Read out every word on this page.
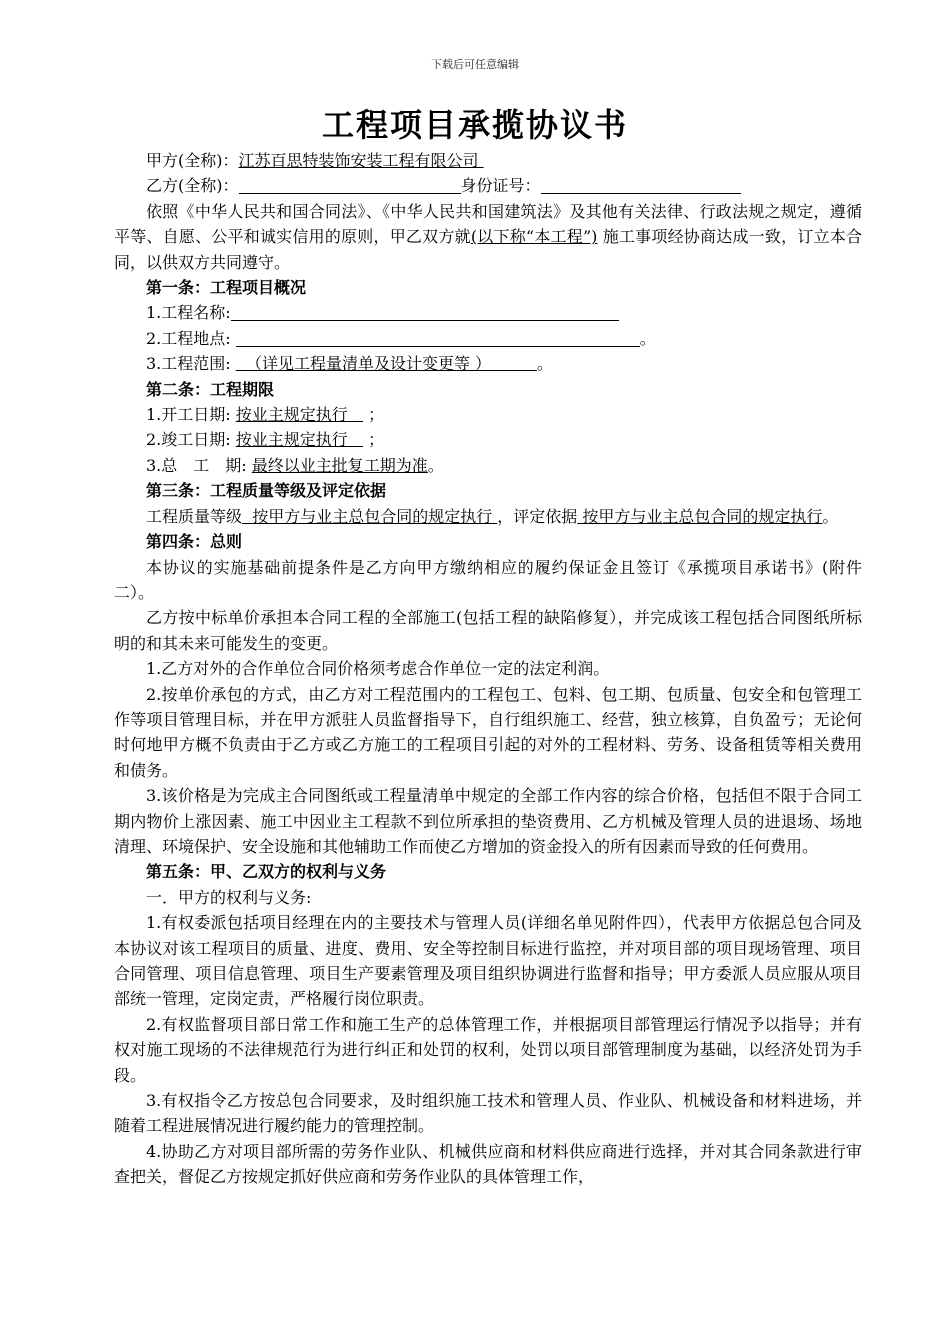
下载后可任意编辑
工程项目承揽协议书

甲方(全称)：江苏百思特装饰安装工程有限公司

乙方(全称)：	身份证号：

依照《中华人民共和国合同法》、《中华人民共和国建筑法》及其他有关法律、行政法规之规定，遵循平等、自愿、公平和诚实信用的原则，甲乙双方就(以下称“本工程”) 施工事项经协商达成一致，订立本合同，以供双方共同遵守。

第一条：工程项目概况

1.工程名称:

2.工程地点:	。

3.工程范围: （详见工程量清单及设计变更等 ）	。

第二条：工程期限

1.开工日期: 按业主规定执行 ；

2.竣工日期: 按业主规定执行 ；

3.总　工　期: 最终以业主批复工期为准。

第三条：工程质量等级及评定依据

工程质量等级 按甲方与业主总包合同的规定执行 ，评定依据 按甲方与业主总包合同的规定执行。

第四条：总则

本协议的实施基础前提条件是乙方向甲方缴纳相应的履约保证金且签订《承揽项目承诺书》(附件二）。

乙方按中标单价承担本合同工程的全部施工(包括工程的缺陷修复），并完成该工程包括合同图纸所标明的和其未来可能发生的变更。

1.乙方对外的合作单位合同价格须考虑合作单位一定的法定利润。

2.按单价承包的方式，由乙方对工程范围内的工程包工、包料、包工期、包质量、包安全和包管理工作等项目管理目标，并在甲方派驻人员监督指导下，自行组织施工、经营，独立核算，自负盈亏；无论何时何地甲方概不负责由于乙方或乙方施工的工程项目引起的对外的工程材料、劳务、设备租赁等相关费用和债务。

3.该价格是为完成主合同图纸或工程量清单中规定的全部工作内容的综合价格，包括但不限于合同工期内物价上涨因素、施工中因业主工程款不到位所承担的垫资费用、乙方机械及管理人员的进退场、场地清理、环境保护、安全设施和其他辅助工作而使乙方增加的资金投入的所有因素而导致的任何费用。

第五条：甲、乙双方的权利与义务

一．甲方的权利与义务:

1.有权委派包括项目经理在内的主要技术与管理人员(详细名单见附件四），代表甲方依据总包合同及本协议对该工程项目的质量、进度、费用、安全等控制目标进行监控，并对项目部的项目现场管理、项目合同管理、项目信息管理、项目生产要素管理及项目组织协调进行监督和指导；甲方委派人员应服从项目部统一管理，定岗定责，严格履行岗位职责。

2.有权监督项目部日常工作和施工生产的总体管理工作，并根据项目部管理运行情况予以指导；并有权对施工现场的不法律规范行为进行纠正和处罚的权利，处罚以项目部管理制度为基础，以经济处罚为手段。

3.有权指令乙方按总包合同要求，及时组织施工技术和管理人员、作业队、机械设备和材料进场，并随着工程进展情况进行履约能力的管理控制。

4.协助乙方对项目部所需的劳务作业队、机械供应商和材料供应商进行选择，并对其合同条款进行审查把关，督促乙方按规定抓好供应商和劳务作业队的具体管理工作，
